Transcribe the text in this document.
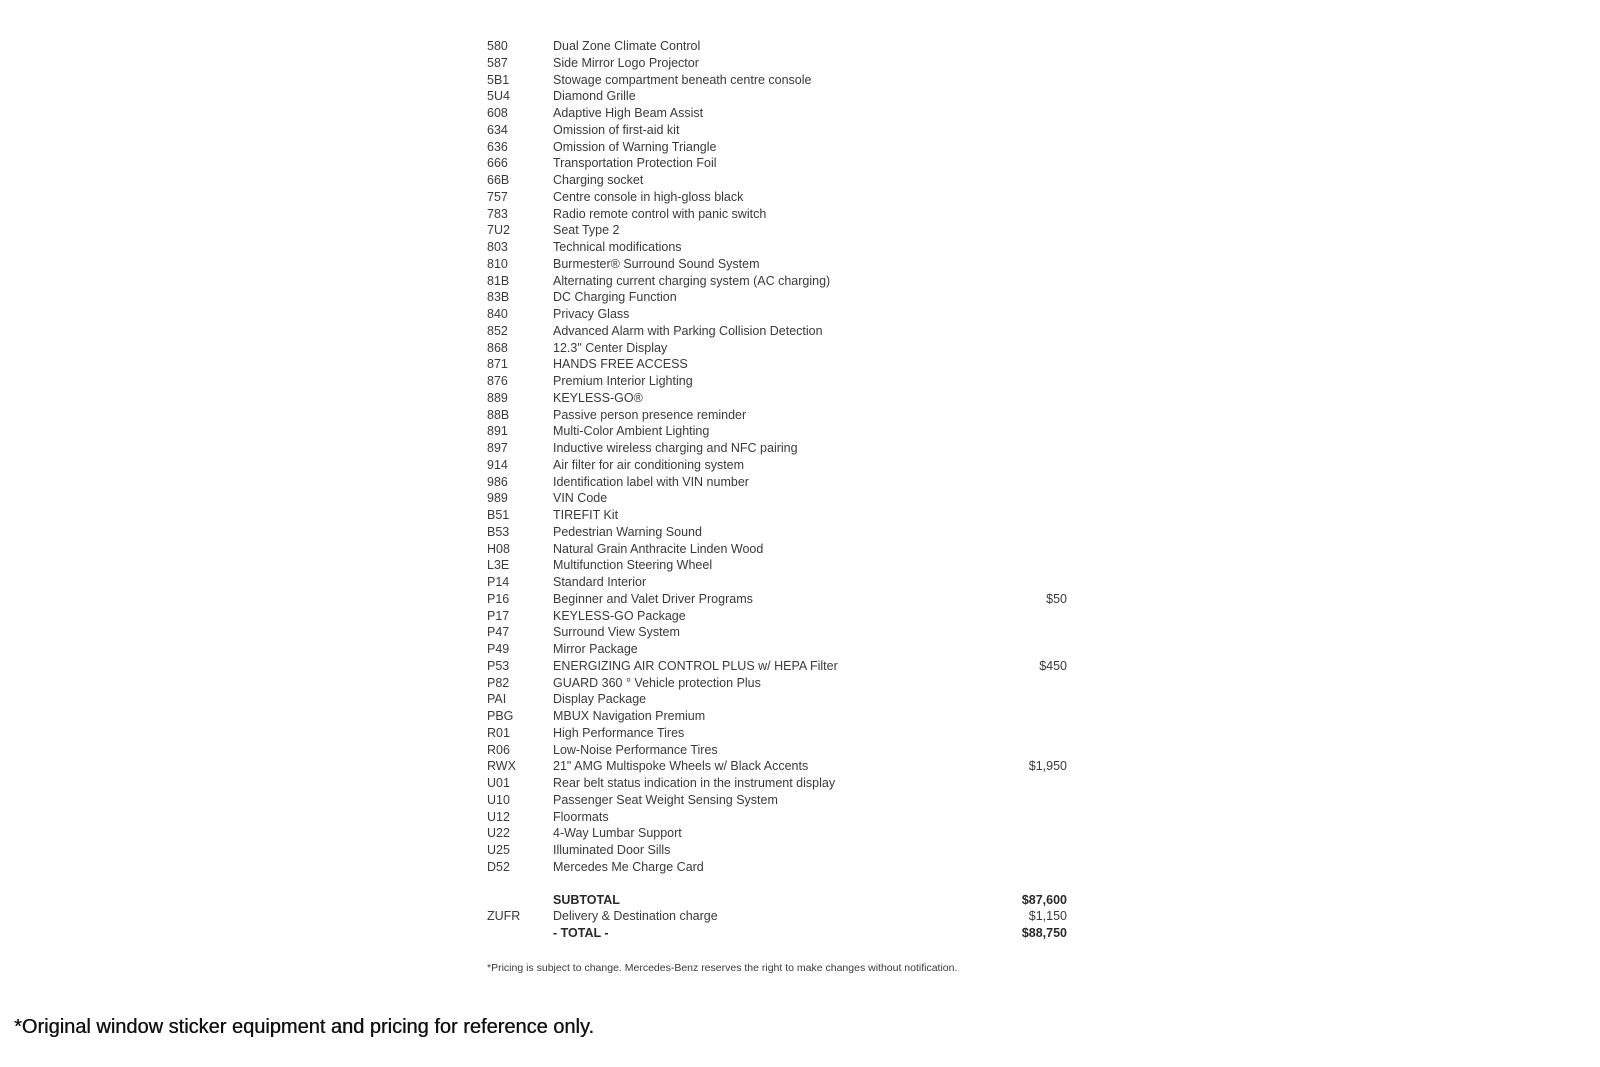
580	Dual Zone Climate Control
587	Side Mirror Logo Projector
5B1	Stowage compartment beneath centre console
5U4	Diamond Grille
608	Adaptive High Beam Assist
634	Omission of first-aid kit
636	Omission of Warning Triangle
666	Transportation Protection Foil
66B	Charging socket
757	Centre console in high-gloss black
783	Radio remote control with panic switch
7U2	Seat Type 2
803	Technical modifications
810	Burmester® Surround Sound System
81B	Alternating current charging system (AC charging)
83B	DC Charging Function
840	Privacy Glass
852	Advanced Alarm with Parking Collision Detection
868	12.3" Center Display
871	HANDS FREE ACCESS
876	Premium Interior Lighting
889	KEYLESS-GO®
88B	Passive person presence reminder
891	Multi-Color Ambient Lighting
897	Inductive wireless charging and NFC pairing
914	Air filter for air conditioning system
986	Identification label with VIN number
989	VIN Code
B51	TIREFIT Kit
B53	Pedestrian Warning Sound
H08	Natural Grain Anthracite Linden Wood
L3E	Multifunction Steering Wheel
P14	Standard Interior
P16	Beginner and Valet Driver Programs	$50
P17	KEYLESS-GO Package
P47	Surround View System
P49	Mirror Package
P53	ENERGIZING AIR CONTROL PLUS w/ HEPA Filter	$450
P82	GUARD 360 ° Vehicle protection Plus
PAI	Display Package
PBG	MBUX Navigation Premium
R01	High Performance Tires
R06	Low-Noise Performance Tires
RWX	21" AMG Multispoke Wheels w/ Black Accents	$1,950
U01	Rear belt status indication in the instrument display
U10	Passenger Seat Weight Sensing System
U12	Floormats
U22	4-Way Lumbar Support
U25	Illuminated Door Sills
D52	Mercedes Me Charge Card
SUBTOTAL	$87,600
ZUFR	Delivery & Destination charge	$1,150
- TOTAL -	$88,750
*Pricing is subject to change. Mercedes-Benz reserves the right to make changes without notification.
*Original window sticker equipment and pricing for reference only.
